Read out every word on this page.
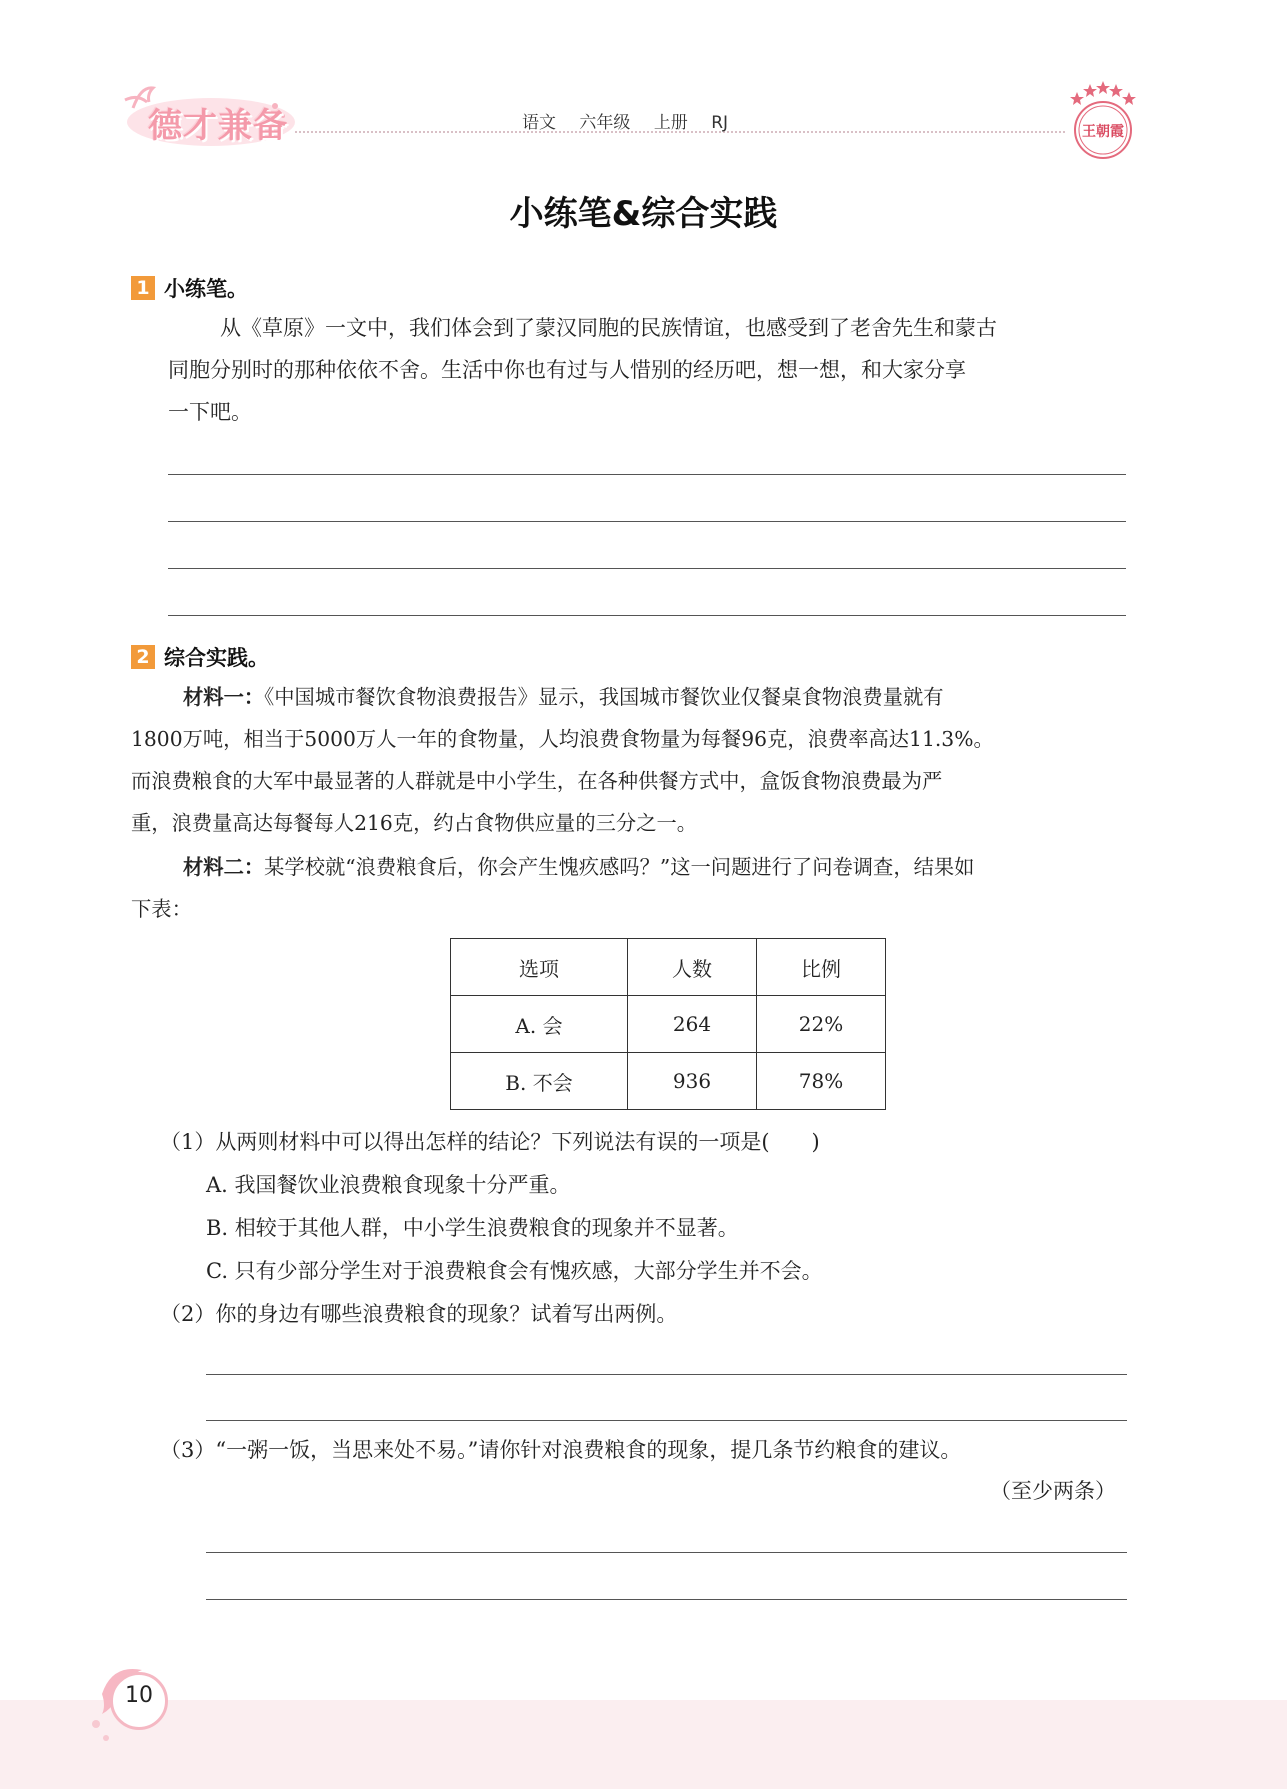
德才兼备	语文 六年级 上册 RJ	王朝霞
小练笔&综合实践
1 小练笔。
从《草原》一文中，我们体会到了蒙汉同胞的民族情谊，也感受到了老舍先生和蒙古
同胞分别时的那种依依不舍。生活中你也有过与人惜别的经历吧，想一想，和大家分享
一下吧。
2 综合实践。
材料一：《中国城市餐饮食物浪费报告》显示，我国城市餐饮业仅餐桌食物浪费量就有
1800万吨，相当于5000万人一年的食物量，人均浪费食物量为每餐96克，浪费率高达11.3%。
而浪费粮食的大军中最显著的人群就是中小学生，在各种供餐方式中，盒饭食物浪费最为严
重，浪费量高达每餐每人216克，约占食物供应量的三分之一。
材料二：某学校就“浪费粮食后，你会产生愧疚感吗？”这一问题进行了问卷调查，结果如
下表：
选项	人数	比例
A. 会	264	22%
B. 不会	936	78%
（1）从两则材料中可以得出怎样的结论？下列说法有误的一项是(　　)
A. 我国餐饮业浪费粮食现象十分严重。
B. 相较于其他人群，中小学生浪费粮食的现象并不显著。
C. 只有少部分学生对于浪费粮食会有愧疚感，大部分学生并不会。
（2）你的身边有哪些浪费粮食的现象？试着写出两例。
（3）“一粥一饭，当思来处不易。”请你针对浪费粮食的现象，提几条节约粮食的建议。
（至少两条）
10
